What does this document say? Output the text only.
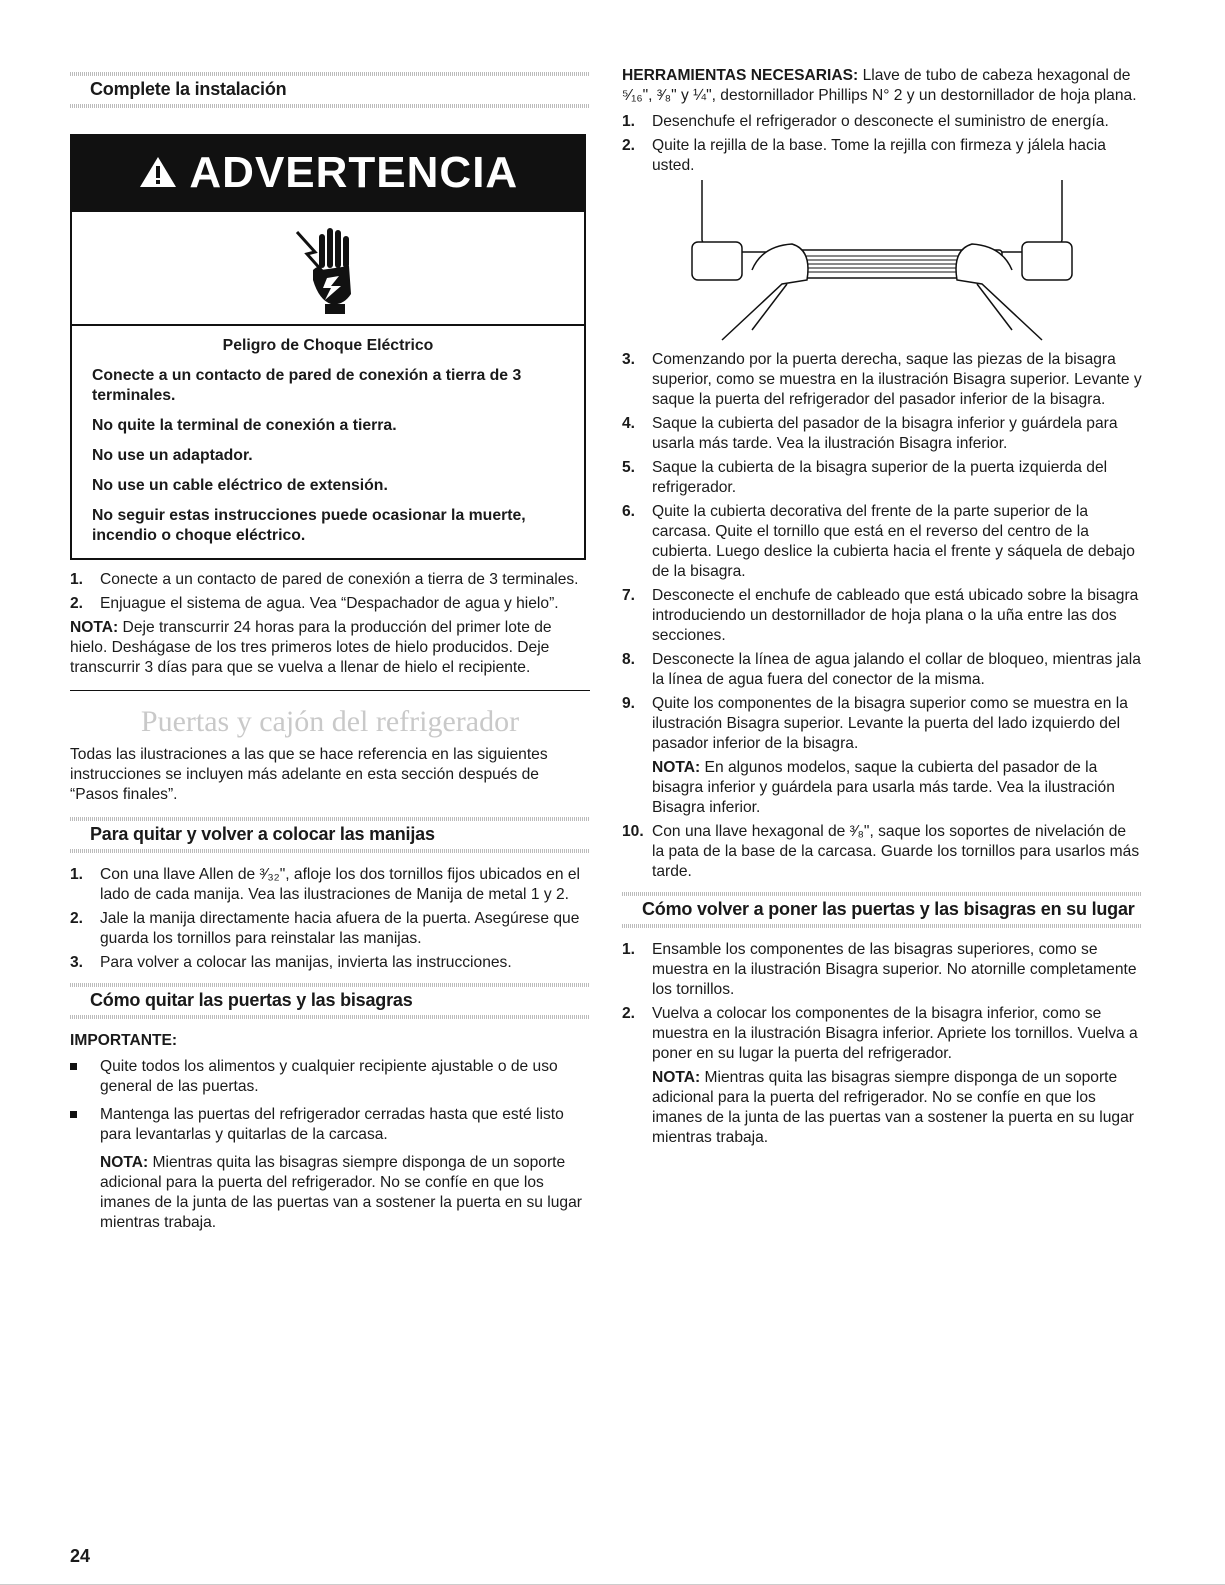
Complete la instalación
ADVERTENCIA

Peligro de Choque Eléctrico

Conecte a un contacto de pared de conexión a tierra de 3 terminales.

No quite la terminal de conexión a tierra.

No use un adaptador.

No use un cable eléctrico de extensión.

No seguir estas instrucciones puede ocasionar la muerte, incendio o choque eléctrico.

1. Conecte a un contacto de pared de conexión a tierra de 3 terminales.
2. Enjuague el sistema de agua. Vea “Despachador de agua y hielo”.

NOTA: Deje transcurrir 24 horas para la producción del primer lote de hielo. Deshágase de los tres primeros lotes de hielo producidos. Deje transcurrir 3 días para que se vuelva a llenar de hielo el recipiente.

Puertas y cajón del refrigerador

Todas las ilustraciones a las que se hace referencia en las siguientes instrucciones se incluyen más adelante en esta sección después de “Pasos finales”.

Para quitar y volver a colocar las manijas
1. Con una llave Allen de ³⁄₃₂", afloje los dos tornillos fijos ubicados en el lado de cada manija. Vea las ilustraciones de Manija de metal 1 y 2.
2. Jale la manija directamente hacia afuera de la puerta. Asegúrese que guarda los tornillos para reinstalar las manijas.
3. Para volver a colocar las manijas, invierta las instrucciones.
Cómo quitar las puertas y las bisagras

IMPORTANTE:

Quite todos los alimentos y cualquier recipiente ajustable o de uso general de las puertas.
Mantenga las puertas del refrigerador cerradas hasta que esté listo para levantarlas y quitarlas de la carcasa.

NOTA: Mientras quita las bisagras siempre disponga de un soporte adicional para la puerta del refrigerador. No se confíe en que los imanes de la junta de las puertas van a sostener la puerta en su lugar mientras trabaja.

HERRAMIENTAS NECESARIAS: Llave de tubo de cabeza hexagonal de ⁵⁄₁₆", ³⁄₈" y ¼", destornillador Phillips N° 2 y un destornillador de hoja plana.

1. Desenchufe el refrigerador o desconecte el suministro de energía.
2. Quite la rejilla de la base. Tome la rejilla con firmeza y jálela hacia usted.
3. Comenzando por la puerta derecha, saque las piezas de la bisagra superior, como se muestra en la ilustración Bisagra superior. Levante y saque la puerta del refrigerador del pasador inferior de la bisagra.
4. Saque la cubierta del pasador de la bisagra inferior y guárdela para usarla más tarde. Vea la ilustración Bisagra inferior.
5. Saque la cubierta de la bisagra superior de la puerta izquierda del refrigerador.
6. Quite la cubierta decorativa del frente de la parte superior de la carcasa. Quite el tornillo que está en el reverso del centro de la cubierta. Luego deslice la cubierta hacia el frente y sáquela de debajo de la bisagra.
7. Desconecte el enchufe de cableado que está ubicado sobre la bisagra introduciendo un destornillador de hoja plana o la uña entre las dos secciones.
8. Desconecte la línea de agua jalando el collar de bloqueo, mientras jala la línea de agua fuera del conector de la misma.
9. Quite los componentes de la bisagra superior como se muestra en la ilustración Bisagra superior. Levante la puerta del lado izquierdo del pasador inferior de la bisagra.

NOTA: En algunos modelos, saque la cubierta del pasador de la bisagra inferior y guárdela para usarla más tarde. Vea la ilustración Bisagra inferior.

10. Con una llave hexagonal de ³⁄₈", saque los soportes de nivelación de la pata de la base de la carcasa. Guarde los tornillos para usarlos más tarde.
Cómo volver a poner las puertas y las bisagras en su lugar
1. Ensamble los componentes de las bisagras superiores, como se muestra en la ilustración Bisagra superior. No atornille completamente los tornillos.
2. Vuelva a colocar los componentes de la bisagra inferior, como se muestra en la ilustración Bisagra inferior. Apriete los tornillos. Vuelva a poner en su lugar la puerta del refrigerador.

NOTA: Mientras quita las bisagras siempre disponga de un soporte adicional para la puerta del refrigerador. No se confíe en que los imanes de la junta de las puertas van a sostener la puerta en su lugar mientras trabaja.

24
